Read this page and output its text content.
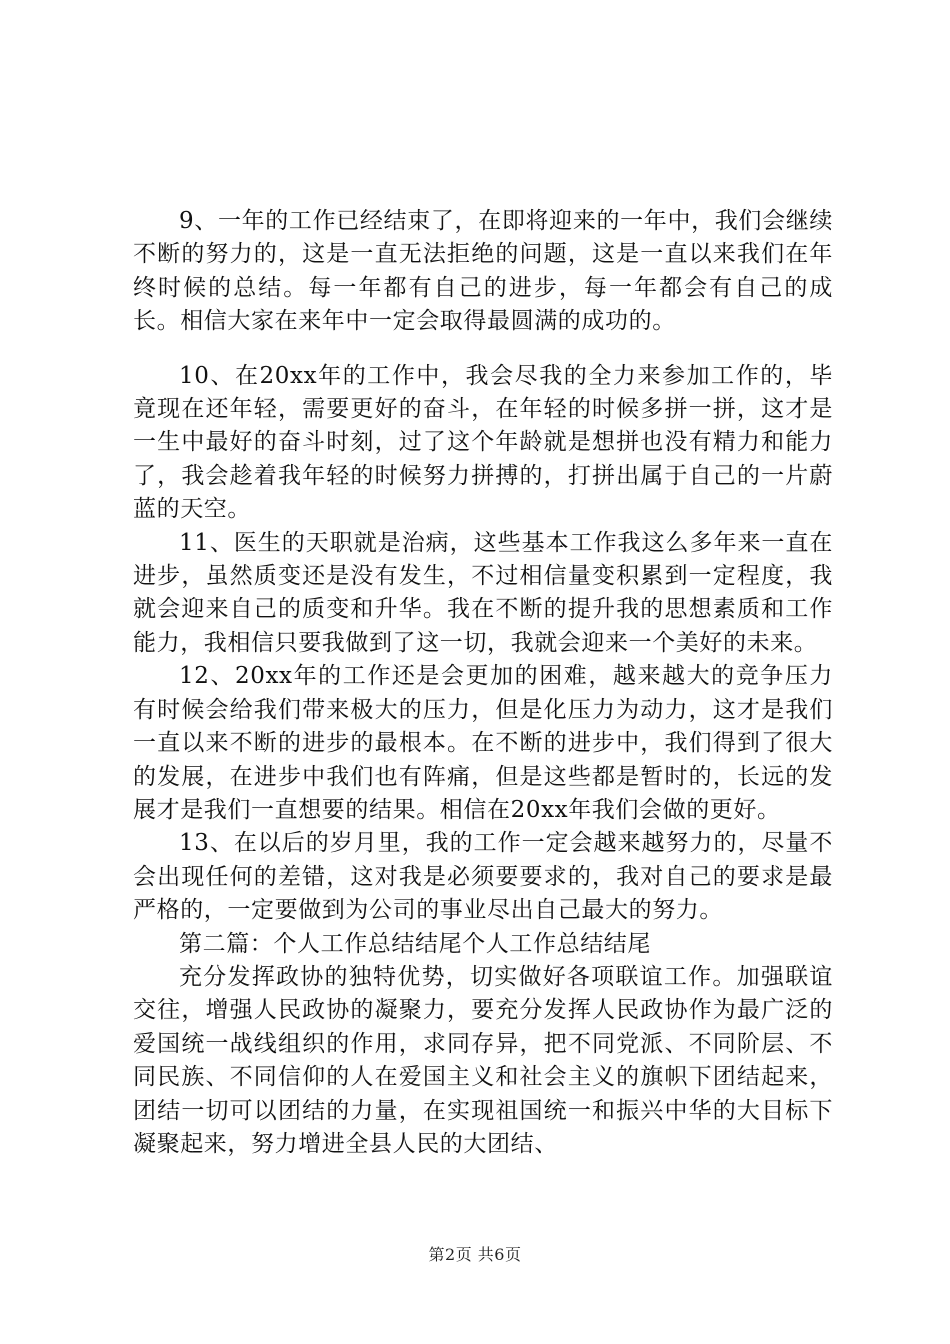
9、一年的工作已经结束了，在即将迎来的一年中，我们会继续不断的努力的，这是一直无法拒绝的问题，这是一直以来我们在年终时候的总结。每一年都有自己的进步，每一年都会有自己的成长。相信大家在来年中一定会取得最圆满的成功的。

10、在20xx年的工作中，我会尽我的全力来参加工作的，毕竟现在还年轻，需要更好的奋斗，在年轻的时候多拼一拼，这才是一生中最好的奋斗时刻，过了这个年龄就是想拼也没有精力和能力了，我会趁着我年轻的时候努力拼搏的，打拼出属于自己的一片蔚蓝的天空。

11、医生的天职就是治病，这些基本工作我这么多年来一直在进步，虽然质变还是没有发生，不过相信量变积累到一定程度，我就会迎来自己的质变和升华。我在不断的提升我的思想素质和工作能力，我相信只要我做到了这一切，我就会迎来一个美好的未来。

12、20xx年的工作还是会更加的困难，越来越大的竞争压力有时候会给我们带来极大的压力，但是化压力为动力，这才是我们一直以来不断的进步的最根本。在不断的进步中，我们得到了很大的发展，在进步中我们也有阵痛，但是这些都是暂时的，长远的发展才是我们一直想要的结果。相信在20xx年我们会做的更好。

13、在以后的岁月里，我的工作一定会越来越努力的，尽量不会出现任何的差错，这对我是必须要要求的，我对自己的要求是最严格的，一定要做到为公司的事业尽出自己最大的努力。

第二篇：个人工作总结结尾个人工作总结结尾

充分发挥政协的独特优势，切实做好各项联谊工作。加强联谊交往，增强人民政协的凝聚力，要充分发挥人民政协作为最广泛的爱国统一战线组织的作用，求同存异，把不同党派、不同阶层、不同民族、不同信仰的人在爱国主义和社会主义的旗帜下团结起来，团结一切可以团结的力量，在实现祖国统一和振兴中华的大目标下凝聚起来，努力增进全县人民的大团结、

第2页 共6页
